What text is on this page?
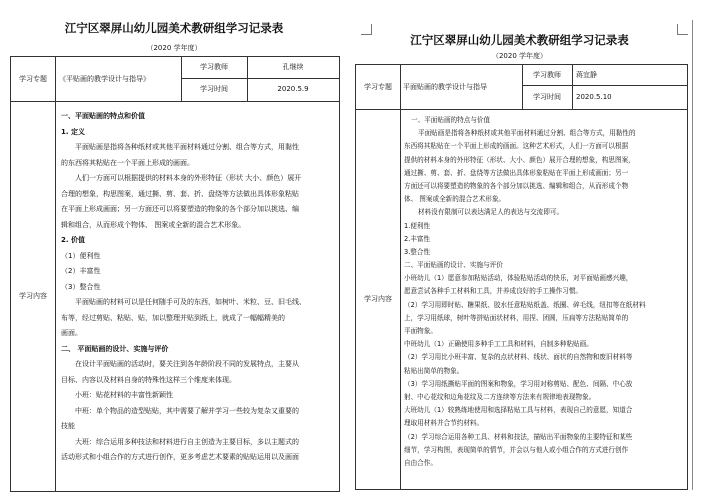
江宁区翠屏山幼儿园美术教研组学习记录表
（2020 学年度）
学习专题	《平贴画的教学设计与指导》
学习教师	孔继续
学习时间	2020.5.9
学习内容
一、平面贴画的特点和价值
1. 定义
平面贴画是指将各种纸材或其他平面材料通过分割、组合等方式，用黏性
的东西将其粘贴在一个平面上形成的画面。
人们一方面可以根据提供的材料本身的外形特征（形状 大小、颜色）展开
合理的想象，构思图案，通过撕、剪、套、折、盘绕等方法做出具体形象粘贴
在平面上形成画面；另一方面还可以将要塑造的物象的各个部分加以挑选、编
辑和组合，从而形成个物体、 图案或全新的混合艺术形象。
2. 价值
（1）便利性
（2）丰富性
（3）整合性
平面贴画的材料可以是任何随手可及的东西，如树叶、米粒、豆、旧毛线、
布等，经过剪贴、粘贴、贴，加以整理并贴到纸上，就成了一幅幅精美的
画面。
二、 平面贴画的设计、实施与评价
在设计平面贴画的活动时，要关注到各年龄阶段不同的发展特点，主要从
目标、内容以及材料自身的特殊性这样三个维度来体现。
小班：贴花材料的丰富性新颖性
中班：单个物品的造型贴贴，其中需要了解并学习一些较为复杂又重要的
技能
大班：综合运用多种技法和材料进行自主创造为主要目标，多以主题式的
活动形式和小组合作的方式进行创作，更多考虑艺术要素的贴贴运用以及画面
江宁区翠屏山幼儿园美术教研组学习记录表
（2020 学年度）
学习专题	平面贴画的教学设计与指导
学习教师	蒋宜静
学习时间	2020.5.10
学习内容
一、平面贴画的特点与价值
平面贴画是指将各种纸材或其他平面材料通过分割、组合等方式，用黏性的
东西将其粘贴在一个平面上形成的画面。这种艺术形式，人们一方面可以根据
提供的材料本身的外形特征（形状、大小、颜色）展开合理的想象，构思图案，
通过撕、剪、套、折、盘绕等方法做出具体形象粘贴在平面上形成画面；另一
方面还可以将要塑造的物象的各个部分加以挑选、编辑和组合，从而形成个物
体、 图案或全新的混合艺术形象。
材料没有限制可以表达满足人的表达与交流即可。
1.便利性
2.丰富性
3.整合性
二、平面贴画的设计、实施与评价
小班幼儿（1）愿意参加粘贴活动，体验粘贴活动的快乐，对平面贴画感兴趣，
愿意尝试各种手工材料和工具，并养成良好的手工操作习惯。
（2）学习用即时贴、糖果纸、胶水任意粘贴纸盖、纸圈、碎毛线，纽扣等在纸材料
上，学习用纸球，树叶等拼贴面状材料，用捏、团圆，压扁等方法粘贴简单的
平面物象。
中班幼儿（1）正确使用多种手工工具和材料，自制多种粘贴画。
（2）学习用比小班丰富、复杂的点状材料、线状、面状的自然物和废旧材料等
粘贴出简单的物象。
（3）学习用纸撕贴平面的图案和物象，学习用对称剪贴、配色、间隔、中心放
射、中心花纹和边角花纹及二方连续等方法来有规律地表现物象。
大班幼儿（1）较熟练地使用和选择粘贴工具与材料，表现自己的意愿，知道合
理取用材料并合节约材料。
（2）学习综合运用各种工具、材料和技法，描贴出平面物象的主要特征和某些
细节，学习构图，表现简单的情节，并会以与他人或小组合作的方式进行创作
自由合作。
